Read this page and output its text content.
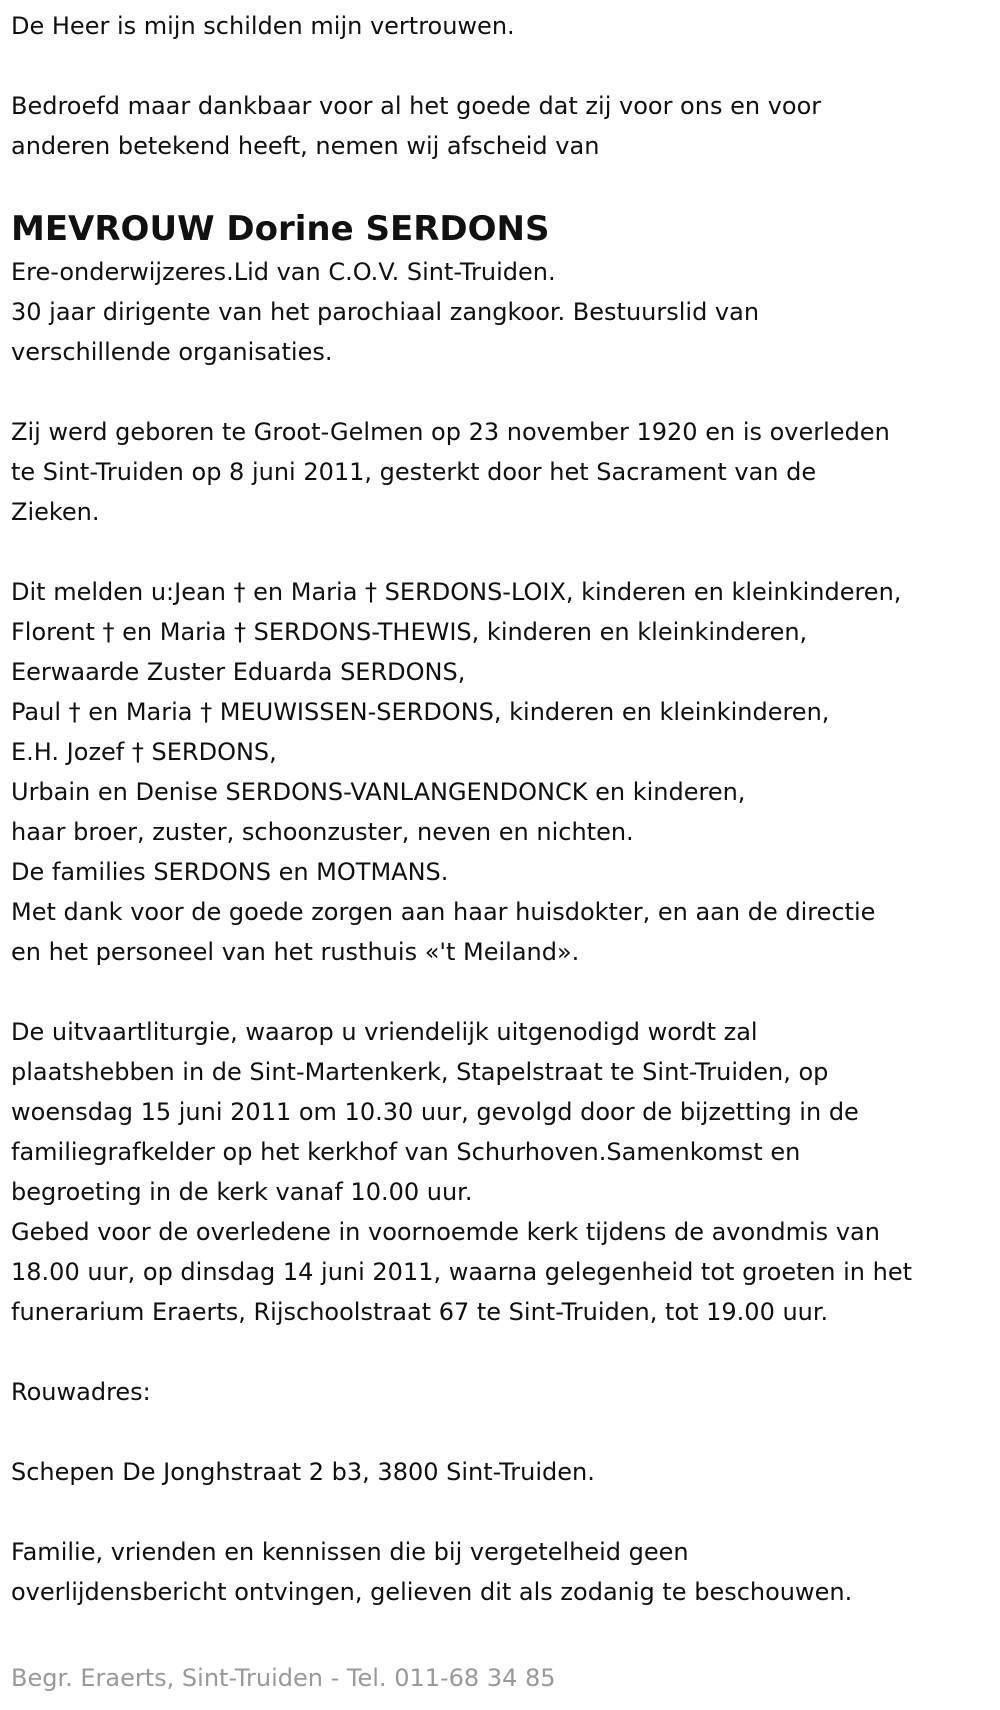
De Heer is mijn schilden mijn vertrouwen.

Bedroefd maar dankbaar voor al het goede dat zij voor ons en voor

anderen betekend heeft, nemen wij afscheid van

MEVROUW Dorine SERDONS

Ere-onderwijzeres.Lid van C.O.V. Sint-Truiden.

30 jaar dirigente van het parochiaal zangkoor. Bestuurslid van

verschillende organisaties.

Zij werd geboren te Groot-Gelmen op 23 november 1920 en is overleden

te Sint-Truiden op 8 juni 2011, gesterkt door het Sacrament van de

Zieken.

Dit melden u:Jean † en Maria † SERDONS-LOIX, kinderen en kleinkinderen,

Florent † en Maria † SERDONS-THEWIS, kinderen en kleinkinderen,

Eerwaarde Zuster Eduarda SERDONS,

Paul † en Maria † MEUWISSEN-SERDONS, kinderen en kleinkinderen,

E.H. Jozef † SERDONS,

Urbain en Denise SERDONS-VANLANGENDONCK en kinderen,

haar broer, zuster, schoonzuster, neven en nichten.

De families SERDONS en MOTMANS.

Met dank voor de goede zorgen aan haar huisdokter, en aan de directie

en het personeel van het rusthuis «'t Meiland».

De uitvaartliturgie, waarop u vriendelijk uitgenodigd wordt zal

plaatshebben in de Sint-Martenkerk, Stapelstraat te Sint-Truiden, op

woensdag 15 juni 2011 om 10.30 uur, gevolgd door de bijzetting in de

familiegrafkelder op het kerkhof van Schurhoven.Samenkomst en

begroeting in de kerk vanaf 10.00 uur.

Gebed voor de overledene in voornoemde kerk tijdens de avondmis van

18.00 uur, op dinsdag 14 juni 2011, waarna gelegenheid tot groeten in het

funerarium Eraerts, Rijschoolstraat 67 te Sint-Truiden, tot 19.00 uur.

Rouwadres:

Schepen De Jonghstraat 2 b3, 3800 Sint-Truiden.

Familie, vrienden en kennissen die bij vergetelheid geen

overlijdensbericht ontvingen, gelieven dit als zodanig te beschouwen.

Begr. Eraerts, Sint-Truiden - Tel. 011-68 34 85
